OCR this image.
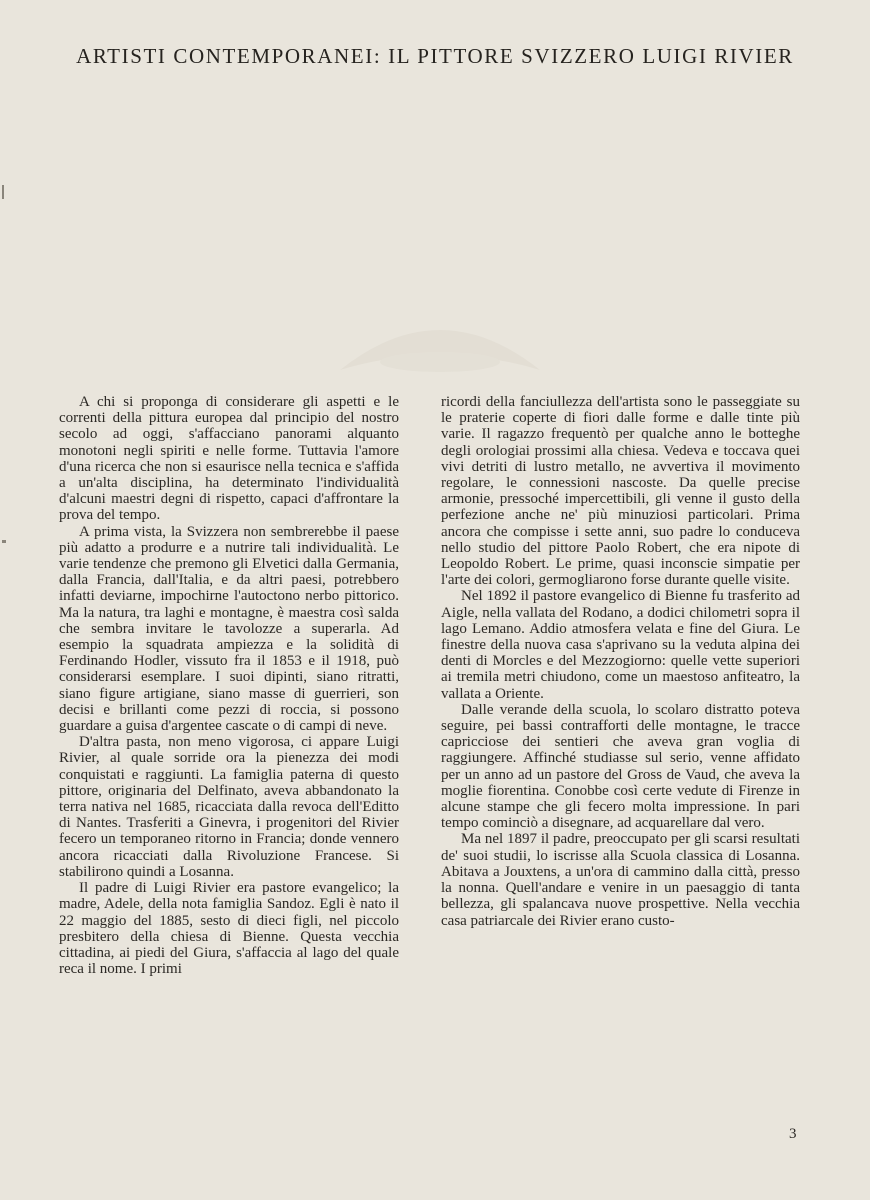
ARTISTI CONTEMPORANEI: IL PITTORE SVIZZERO LUIGI RIVIER

A chi si proponga di considerare gli aspetti e le correnti della pittura europea dal principio del nostro secolo ad oggi, s'affacciano panorami alquanto monotoni negli spiriti e nelle forme. Tuttavia l'amore d'una ricerca che non si esaurisce nella tecnica e s'affida a un'alta disciplina, ha determinato l'individualità d'alcuni maestri degni di rispetto, capaci d'affrontare la prova del tempo.

A prima vista, la Svizzera non sembrerebbe il paese più adatto a produrre e a nutrire tali individualità. Le varie tendenze che premono gli Elvetici dalla Germania, dalla Francia, dall'Italia, e da altri paesi, potrebbero infatti deviarne, impochirne l'autoctono nerbo pittorico. Ma la natura, tra laghi e montagne, è maestra così salda che sembra invitare le tavolozze a superarla. Ad esempio la squadrata ampiezza e la solidità di Ferdinando Hodler, vissuto fra il 1853 e il 1918, può considerarsi esemplare. I suoi dipinti, siano ritratti, siano figure artigiane, siano masse di guerrieri, son decisi e brillanti come pezzi di roccia, si possono guardare a guisa d'argentee cascate o di campi di neve.

D'altra pasta, non meno vigorosa, ci appare Luigi Rivier, al quale sorride ora la pienezza dei modi conquistati e raggiunti. La famiglia paterna di questo pittore, originaria del Delfinato, aveva abbandonato la terra nativa nel 1685, ricacciata dalla revoca dell'Editto di Nantes. Trasferiti a Ginevra, i progenitori del Rivier fecero un temporaneo ritorno in Francia; donde vennero ancora ricacciati dalla Rivoluzione Francese. Si stabilirono quindi a Losanna.

Il padre di Luigi Rivier era pastore evangelico; la madre, Adele, della nota famiglia Sandoz. Egli è nato il 22 maggio del 1885, sesto di dieci figli, nel piccolo presbitero della chiesa di Bienne. Questa vecchia cittadina, ai piedi del Giura, s'affaccia al lago del quale reca il nome. I primi

ricordi della fanciullezza dell'artista sono le passeggiate su le praterie coperte di fiori dalle forme e dalle tinte più varie. Il ragazzo frequentò per qualche anno le botteghe degli orologiai prossimi alla chiesa. Vedeva e toccava quei vivi detriti di lustro metallo, ne avvertiva il movimento regolare, le connessioni nascoste. Da quelle precise armonie, pressoché impercettibili, gli venne il gusto della perfezione anche ne' più minuziosi particolari. Prima ancora che compisse i sette anni, suo padre lo conduceva nello studio del pittore Paolo Robert, che era nipote di Leopoldo Robert. Le prime, quasi inconscie simpatie per l'arte dei colori, germogliarono forse durante quelle visite.

Nel 1892 il pastore evangelico di Bienne fu trasferito ad Aigle, nella vallata del Rodano, a dodici chilometri sopra il lago Lemano. Addio atmosfera velata e fine del Giura. Le finestre della nuova casa s'aprivano su la veduta alpina dei denti di Morcles e del Mezzogiorno: quelle vette superiori ai tremila metri chiudono, come un maestoso anfiteatro, la vallata a Oriente.

Dalle verande della scuola, lo scolaro distratto poteva seguire, pei bassi contrafforti delle montagne, le tracce capricciose dei sentieri che aveva gran voglia di raggiungere. Affinché studiasse sul serio, venne affidato per un anno ad un pastore del Gross de Vaud, che aveva la moglie fiorentina. Conobbe così certe vedute di Firenze in alcune stampe che gli fecero molta impressione. In pari tempo cominciò a disegnare, ad acquarellare dal vero.

Ma nel 1897 il padre, preoccupato per gli scarsi resultati de' suoi studii, lo iscrisse alla Scuola classica di Losanna. Abitava a Jouxtens, a un'ora di cammino dalla città, presso la nonna. Quell'andare e venire in un paesaggio di tanta bellezza, gli spalancava nuove prospettive. Nella vecchia casa patriarcale dei Rivier erano custo-

3
